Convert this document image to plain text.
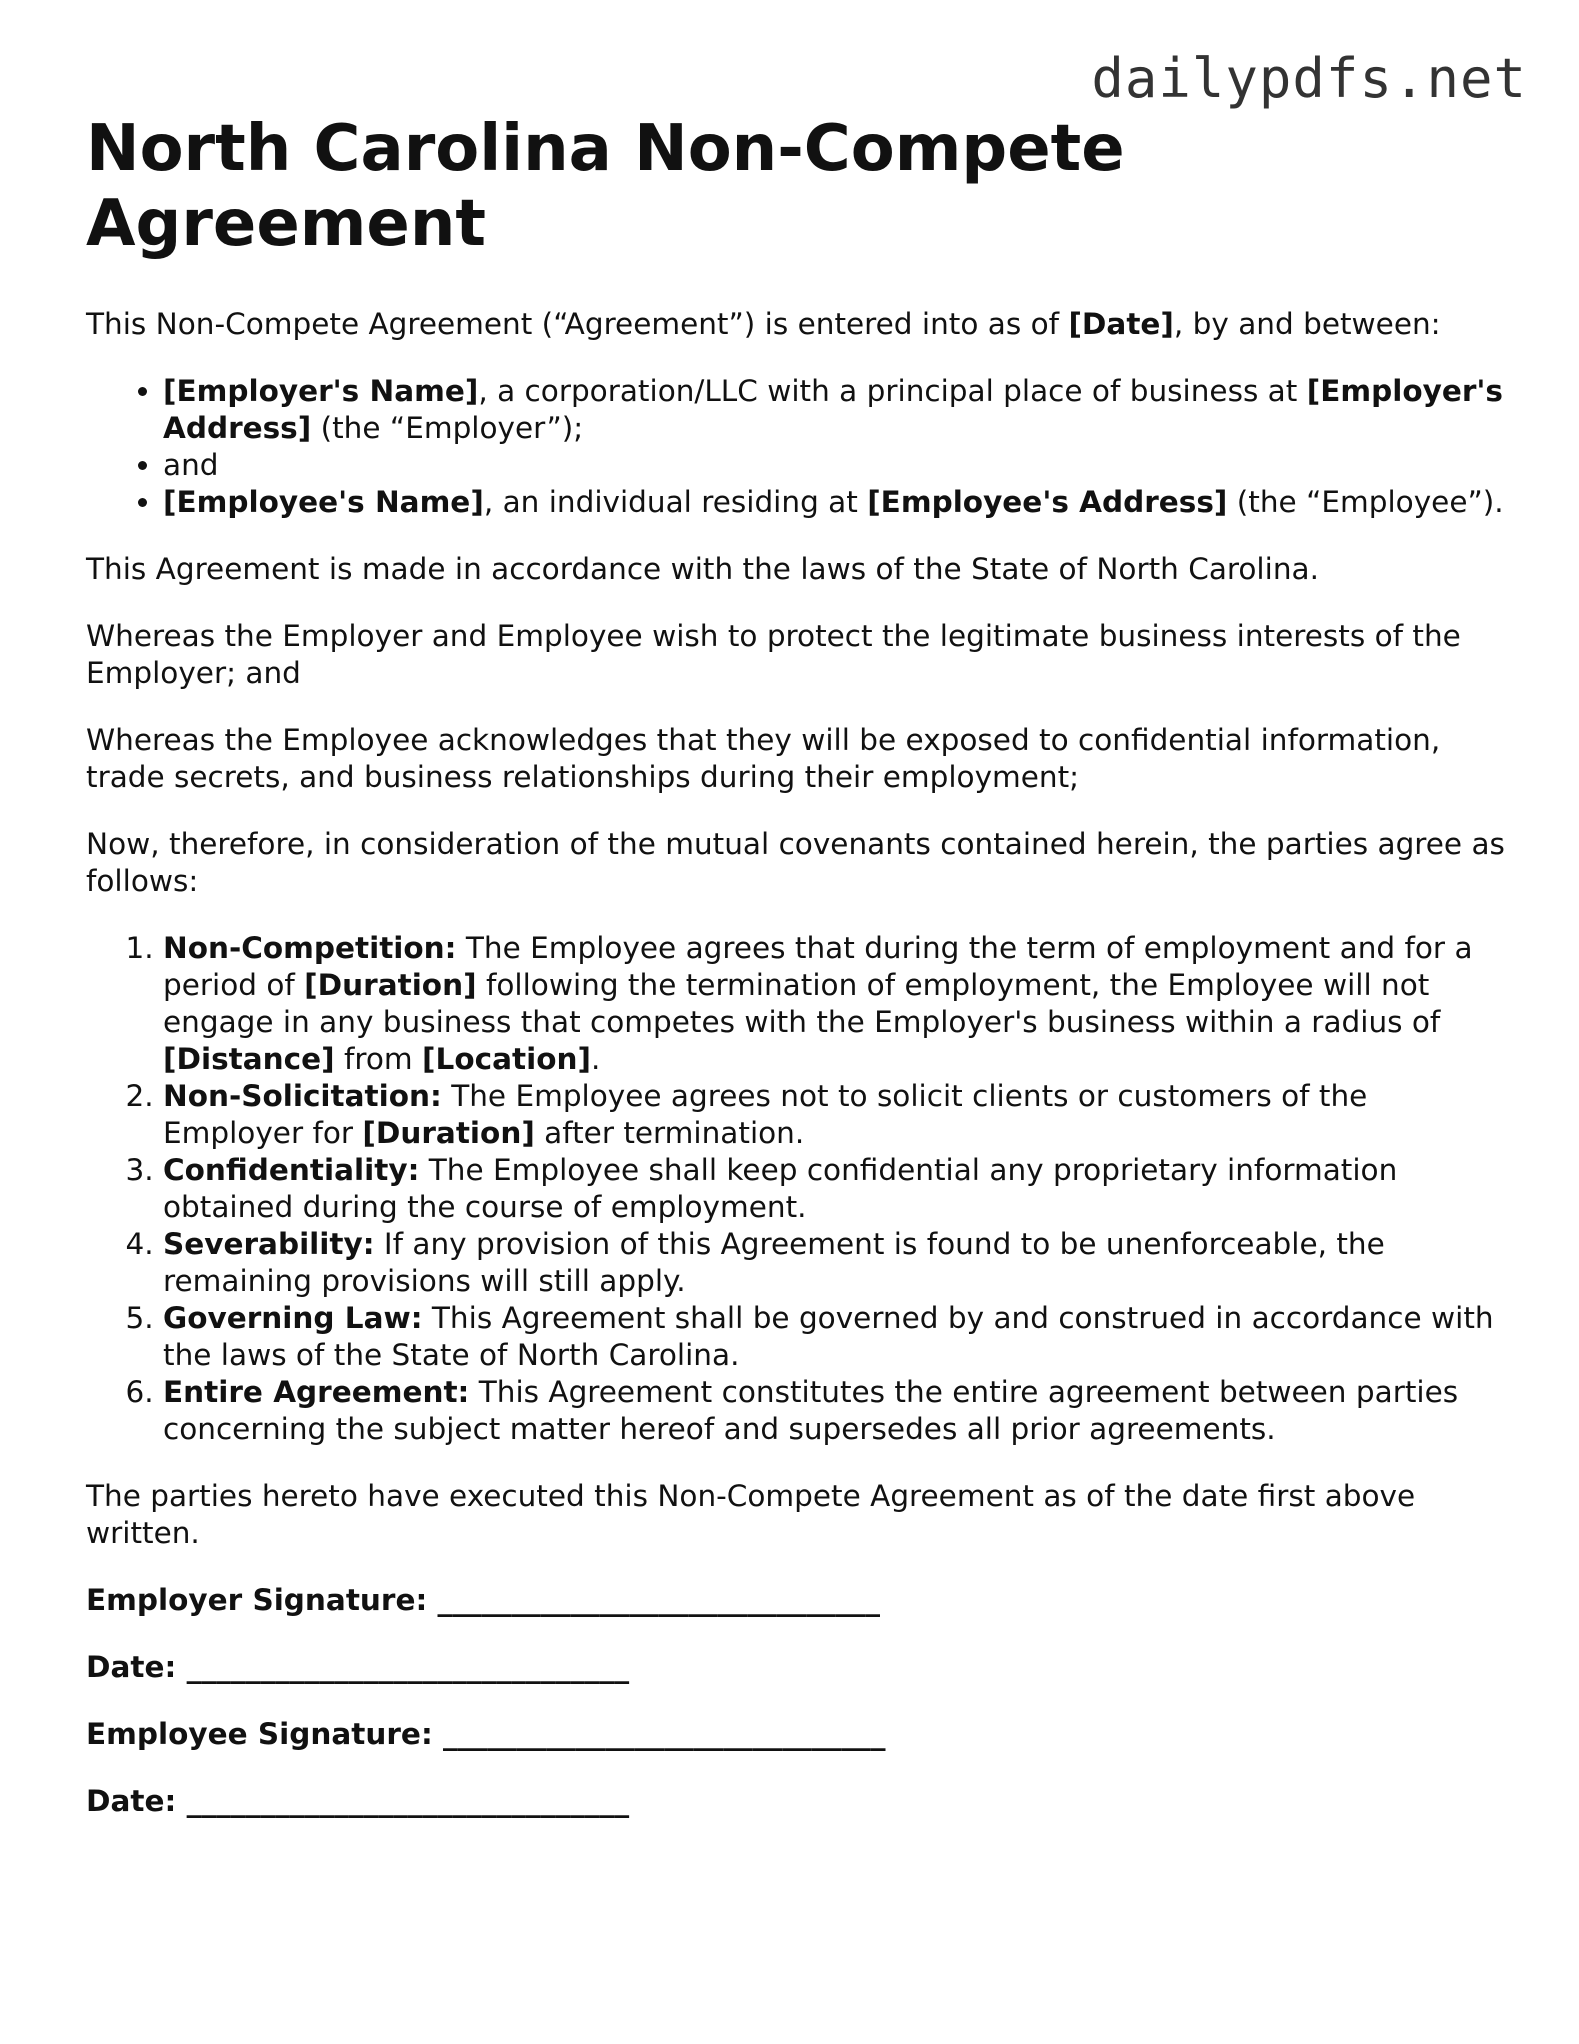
dailypdfs.net
North Carolina Non-Compete Agreement

This Non-Compete Agreement (“Agreement”) is entered into as of [Date], by and between:

• [Employer's Name], a corporation/LLC with a principal place of business at [Employer's Address] (the “Employer”);
• and
• [Employee's Name], an individual residing at [Employee's Address] (the “Employee”).

This Agreement is made in accordance with the laws of the State of North Carolina.

Whereas the Employer and Employee wish to protect the legitimate business interests of the Employer; and

Whereas the Employee acknowledges that they will be exposed to confidential information, trade secrets, and business relationships during their employment;

Now, therefore, in consideration of the mutual covenants contained herein, the parties agree as follows:

1. Non-Competition: The Employee agrees that during the term of employment and for a period of [Duration] following the termination of employment, the Employee will not engage in any business that competes with the Employer's business within a radius of [Distance] from [Location].
2. Non-Solicitation: The Employee agrees not to solicit clients or customers of the Employer for [Duration] after termination.
3. Confidentiality: The Employee shall keep confidential any proprietary information obtained during the course of employment.
4. Severability: If any provision of this Agreement is found to be unenforceable, the remaining provisions will still apply.
5. Governing Law: This Agreement shall be governed by and construed in accordance with the laws of the State of North Carolina.
6. Entire Agreement: This Agreement constitutes the entire agreement between parties concerning the subject matter hereof and supersedes all prior agreements.

The parties hereto have executed this Non-Compete Agreement as of the date first above written.

Employer Signature: ______________________________
Date: ______________________________
Employee Signature: ______________________________
Date: ______________________________
